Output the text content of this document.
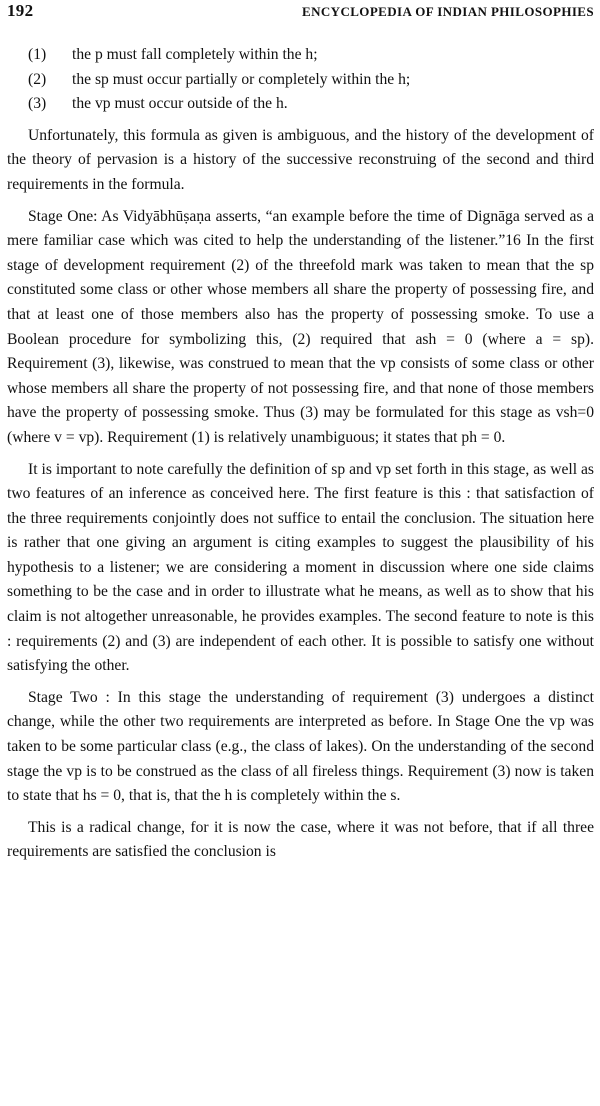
192	ENCYCLOPEDIA OF INDIAN PHILOSOPHIES
(1) the p must fall completely within the h;
(2) the sp must occur partially or completely within the h;
(3) the vp must occur outside of the h.

Unfortunately, this formula as given is ambiguous, and the history of the development of the theory of pervasion is a history of the successive reconstruing of the second and third requirements in the formula.

Stage One: As Vidyābhūṣaṇa asserts, “an example before the time of Dignāga served as a mere familiar case which was cited to help the understanding of the listener.”16 In the first stage of development requirement (2) of the threefold mark was taken to mean that the sp constituted some class or other whose members all share the property of possessing fire, and that at least one of those members also has the property of possessing smoke. To use a Boolean procedure for symbolizing this, (2) required that ash = 0 (where a = sp). Requirement (3), likewise, was construed to mean that the vp consists of some class or other whose members all share the property of not possessing fire, and that none of those members have the property of possessing smoke. Thus (3) may be formulated for this stage as vsh=0 (where v = vp). Requirement (1) is relatively unambiguous; it states that ph = 0.

It is important to note carefully the definition of sp and vp set forth in this stage, as well as two features of an inference as conceived here. The first feature is this : that satisfaction of the three requirements conjointly does not suffice to entail the conclusion. The situation here is rather that one giving an argument is citing examples to suggest the plausibility of his hypothesis to a listener; we are considering a moment in discussion where one side claims something to be the case and in order to illustrate what he means, as well as to show that his claim is not altogether unreasonable, he provides examples. The second feature to note is this : requirements (2) and (3) are independent of each other. It is possible to satisfy one without satisfying the other.

Stage Two : In this stage the understanding of requirement (3) undergoes a distinct change, while the other two requirements are interpreted as before. In Stage One the vp was taken to be some particular class (e.g., the class of lakes). On the understanding of the second stage the vp is to be construed as the class of all fireless things. Requirement (3) now is taken to state that hs = 0, that is, that the h is completely within the s.

This is a radical change, for it is now the case, where it was not before, that if all three requirements are satisfied the conclusion is
